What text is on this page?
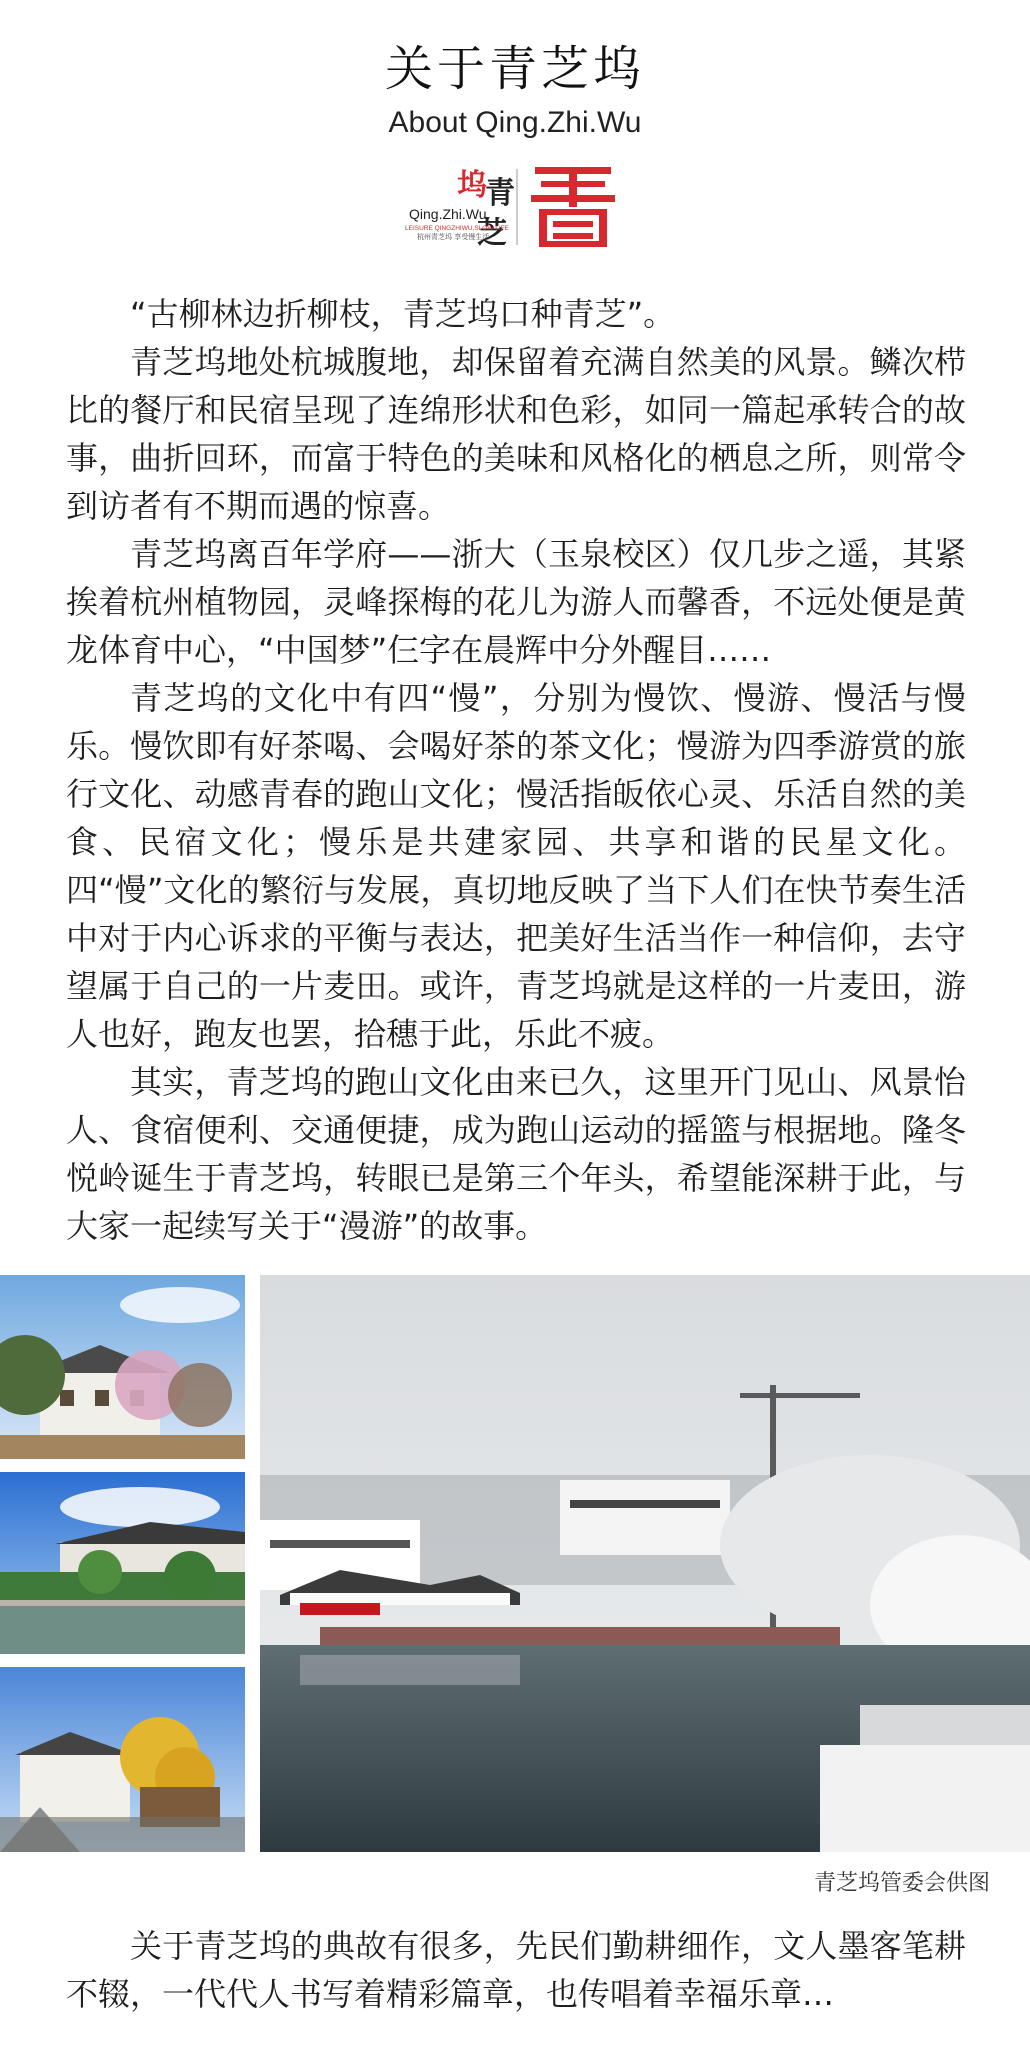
关于青芝坞
About Qing.Zhi.Wu
坞
青
芝
Qing.Zhi.Wu
LEISURE QINGZHIWU,SLOW LIFE
杭州青芝坞 享受慢生活

“古柳林边折柳枝，青芝坞口种青芝”。

青芝坞地处杭城腹地，却保留着充满自然美的风景。鳞次栉比的餐厅和民宿呈现了连绵形状和色彩，如同一篇起承转合的故事，曲折回环，而富于特色的美味和风格化的栖息之所，则常令到访者有不期而遇的惊喜。

青芝坞离百年学府——浙大（玉泉校区）仅几步之遥，其紧挨着杭州植物园，灵峰探梅的花儿为游人而馨香，不远处便是黄龙体育中心，“中国梦”仨字在晨辉中分外醒目……

青芝坞的文化中有四“慢”，分别为慢饮、慢游、慢活与慢乐。慢饮即有好茶喝、会喝好茶的茶文化；慢游为四季游赏的旅行文化、动感青春的跑山文化；慢活指皈依心灵、乐活自然的美食、民宿文化；慢乐是共建家园、共享和谐的民星文化。四“慢”文化的繁衍与发展，真切地反映了当下人们在快节奏生活中对于内心诉求的平衡与表达，把美好生活当作一种信仰，去守望属于自己的一片麦田。或许，青芝坞就是这样的一片麦田，游人也好，跑友也罢，拾穗于此，乐此不疲。

其实，青芝坞的跑山文化由来已久，这里开门见山、风景怡人、食宿便利、交通便捷，成为跑山运动的摇篮与根据地。隆冬悦岭诞生于青芝坞，转眼已是第三个年头，希望能深耕于此，与大家一起续写关于“漫游”的故事。

青芝坞管委会供图

关于青芝坞的典故有很多，先民们勤耕细作，文人墨客笔耕不辍，一代代人书写着精彩篇章，也传唱着幸福乐章…
